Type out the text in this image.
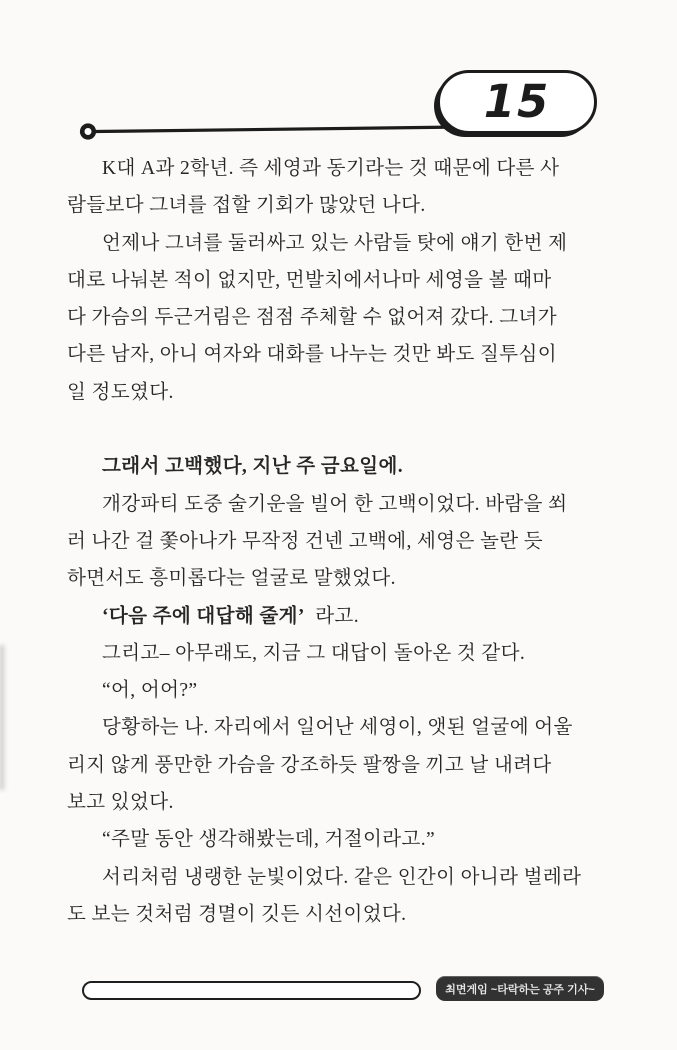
15
K대 A과 2학년. 즉 세영과 동기라는 것 때문에 다른 사
람들보다 그녀를 접할 기회가 많았던 나다.
언제나 그녀를 둘러싸고 있는 사람들 탓에 얘기 한번 제
대로 나눠본 적이 없지만, 먼발치에서나마 세영을 볼 때마
다 가슴의 두근거림은 점점 주체할 수 없어져 갔다. 그녀가
다른 남자, 아니 여자와 대화를 나누는 것만 봐도 질투심이
일 정도였다.
그래서 고백했다, 지난 주 금요일에.
개강파티 도중 술기운을 빌어 한 고백이었다. 바람을 쐬
러 나간 걸 쫓아나가 무작정 건넨 고백에, 세영은 놀란 듯
하면서도 흥미롭다는 얼굴로 말했었다.
‘다음 주에 대답해 줄게’  라고.
그리고– 아무래도, 지금 그 대답이 돌아온 것 같다.
“어, 어어?”
당황하는 나. 자리에서 일어난 세영이, 앳된 얼굴에 어울
리지 않게 풍만한 가슴을 강조하듯 팔짱을 끼고 날 내려다
보고 있었다.
“주말 동안 생각해봤는데, 거절이라고.”
서리처럼 냉랭한 눈빛이었다. 같은 인간이 아니라 벌레라
도 보는 것처럼 경멸이 깃든 시선이었다.
최면게임 ~타락하는 공주 기사~
